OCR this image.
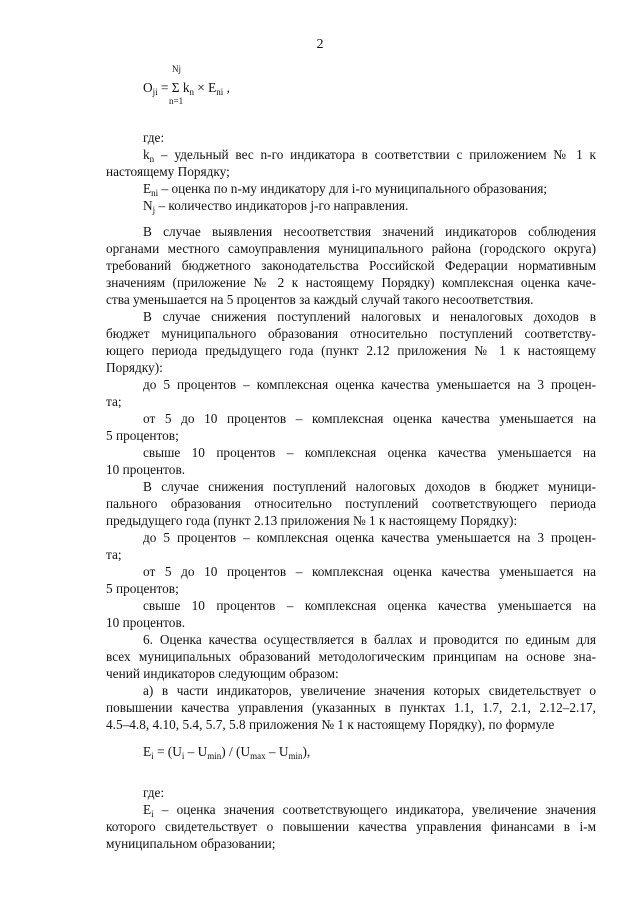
2
Nj
$O_{ji} = \Sigma$ $k_n \times E_{ni}$ ,
n=1
где:
$k_n$ – удельный вес n-го индикатора в соответствии с приложением № 1 к
настоящему Порядку;
$E_{ni}$ – оценка по n-му индикатору для i-го муниципального образования;
$N_j$ – количество индикаторов j-го направления.
В случае выявления несоответствия значений индикаторов соблюдения
органами местного самоуправления муниципального района (городского округа)
требований бюджетного законодательства Российской Федерации нормативным
значениям (приложение № 2 к настоящему Порядку) комплексная оценка каче-
ства уменьшается на 5 процентов за каждый случай такого несоответствия.
В случае снижения поступлений налоговых и неналоговых доходов в
бюджет муниципального образования относительно поступлений соответству-
ющего периода предыдущего года (пункт 2.12 приложения № 1 к настоящему
Порядку):
до 5 процентов – комплексная оценка качества уменьшается на 3 процен-
та;
от 5 до 10 процентов – комплексная оценка качества уменьшается на
5 процентов;
свыше 10 процентов – комплексная оценка качества уменьшается на
10 процентов.
В случае снижения поступлений налоговых доходов в бюджет муници-
пального образования относительно поступлений соответствующего периода
предыдущего года (пункт 2.13 приложения № 1 к настоящему Порядку):
до 5 процентов – комплексная оценка качества уменьшается на 3 процен-
та;
от 5 до 10 процентов – комплексная оценка качества уменьшается на
5 процентов;
свыше 10 процентов – комплексная оценка качества уменьшается на
10 процентов.
6. Оценка качества осуществляется в баллах и проводится по единым для
всех муниципальных образований методологическим принципам на основе зна-
чений индикаторов следующим образом:
а) в части индикаторов, увеличение значения которых свидетельствует о
повышении качества управления (указанных в пунктах 1.1, 1.7, 2.1, 2.12–2.17,
4.5–4.8, 4.10, 5.4, 5.7, 5.8 приложения № 1 к настоящему Порядку), по формуле
$E_i = (U_i - U_{min}) / (U_{max} - U_{min})$,
где:
$E_i$ – оценка значения соответствующего индикатора, увеличение значения
которого свидетельствует о повышении качества управления финансами в i-м
муниципальном образовании;
